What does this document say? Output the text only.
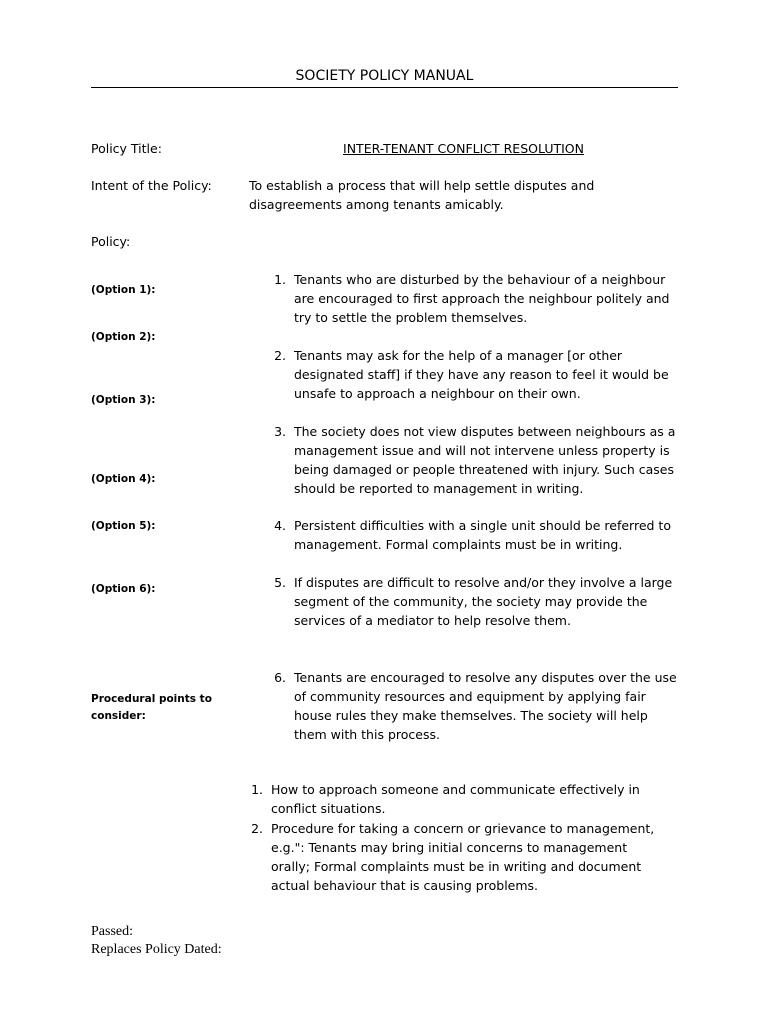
SOCIETY POLICY MANUAL
Policy Title:	INTER-TENANT CONFLICT RESOLUTION
Intent of the Policy:	To establish a process that will help settle disputes and disagreements among tenants amicably.
Policy:
(Option 1):
(Option 2):
(Option 3):
(Option 4):
(Option 5):
(Option 6):
1. Tenants who are disturbed by the behaviour of a neighbour are encouraged to first approach the neighbour politely and try to settle the problem themselves.
2. Tenants may ask for the help of a manager [or other designated staff] if they have any reason to feel it would be unsafe to approach a neighbour on their own.
3. The society does not view disputes between neighbours as a management issue and will not intervene unless property is being damaged or people threatened with injury. Such cases should be reported to management in writing.
4. Persistent difficulties with a single unit should be referred to management. Formal complaints must be in writing.
5. If disputes are difficult to resolve and/or they involve a large segment of the community, the society may provide the services of a mediator to help resolve them.
6. Tenants are encouraged to resolve any disputes over the use of community resources and equipment by applying fair house rules they make themselves. The society will help them with this process.
Procedural points to consider:
1. How to approach someone and communicate effectively in conflict situations.
2. Procedure for taking a concern or grievance to management, e.g.": Tenants may bring initial concerns to management orally; Formal complaints must be in writing and document actual behaviour that is causing problems.
Passed:
Replaces Policy Dated:
